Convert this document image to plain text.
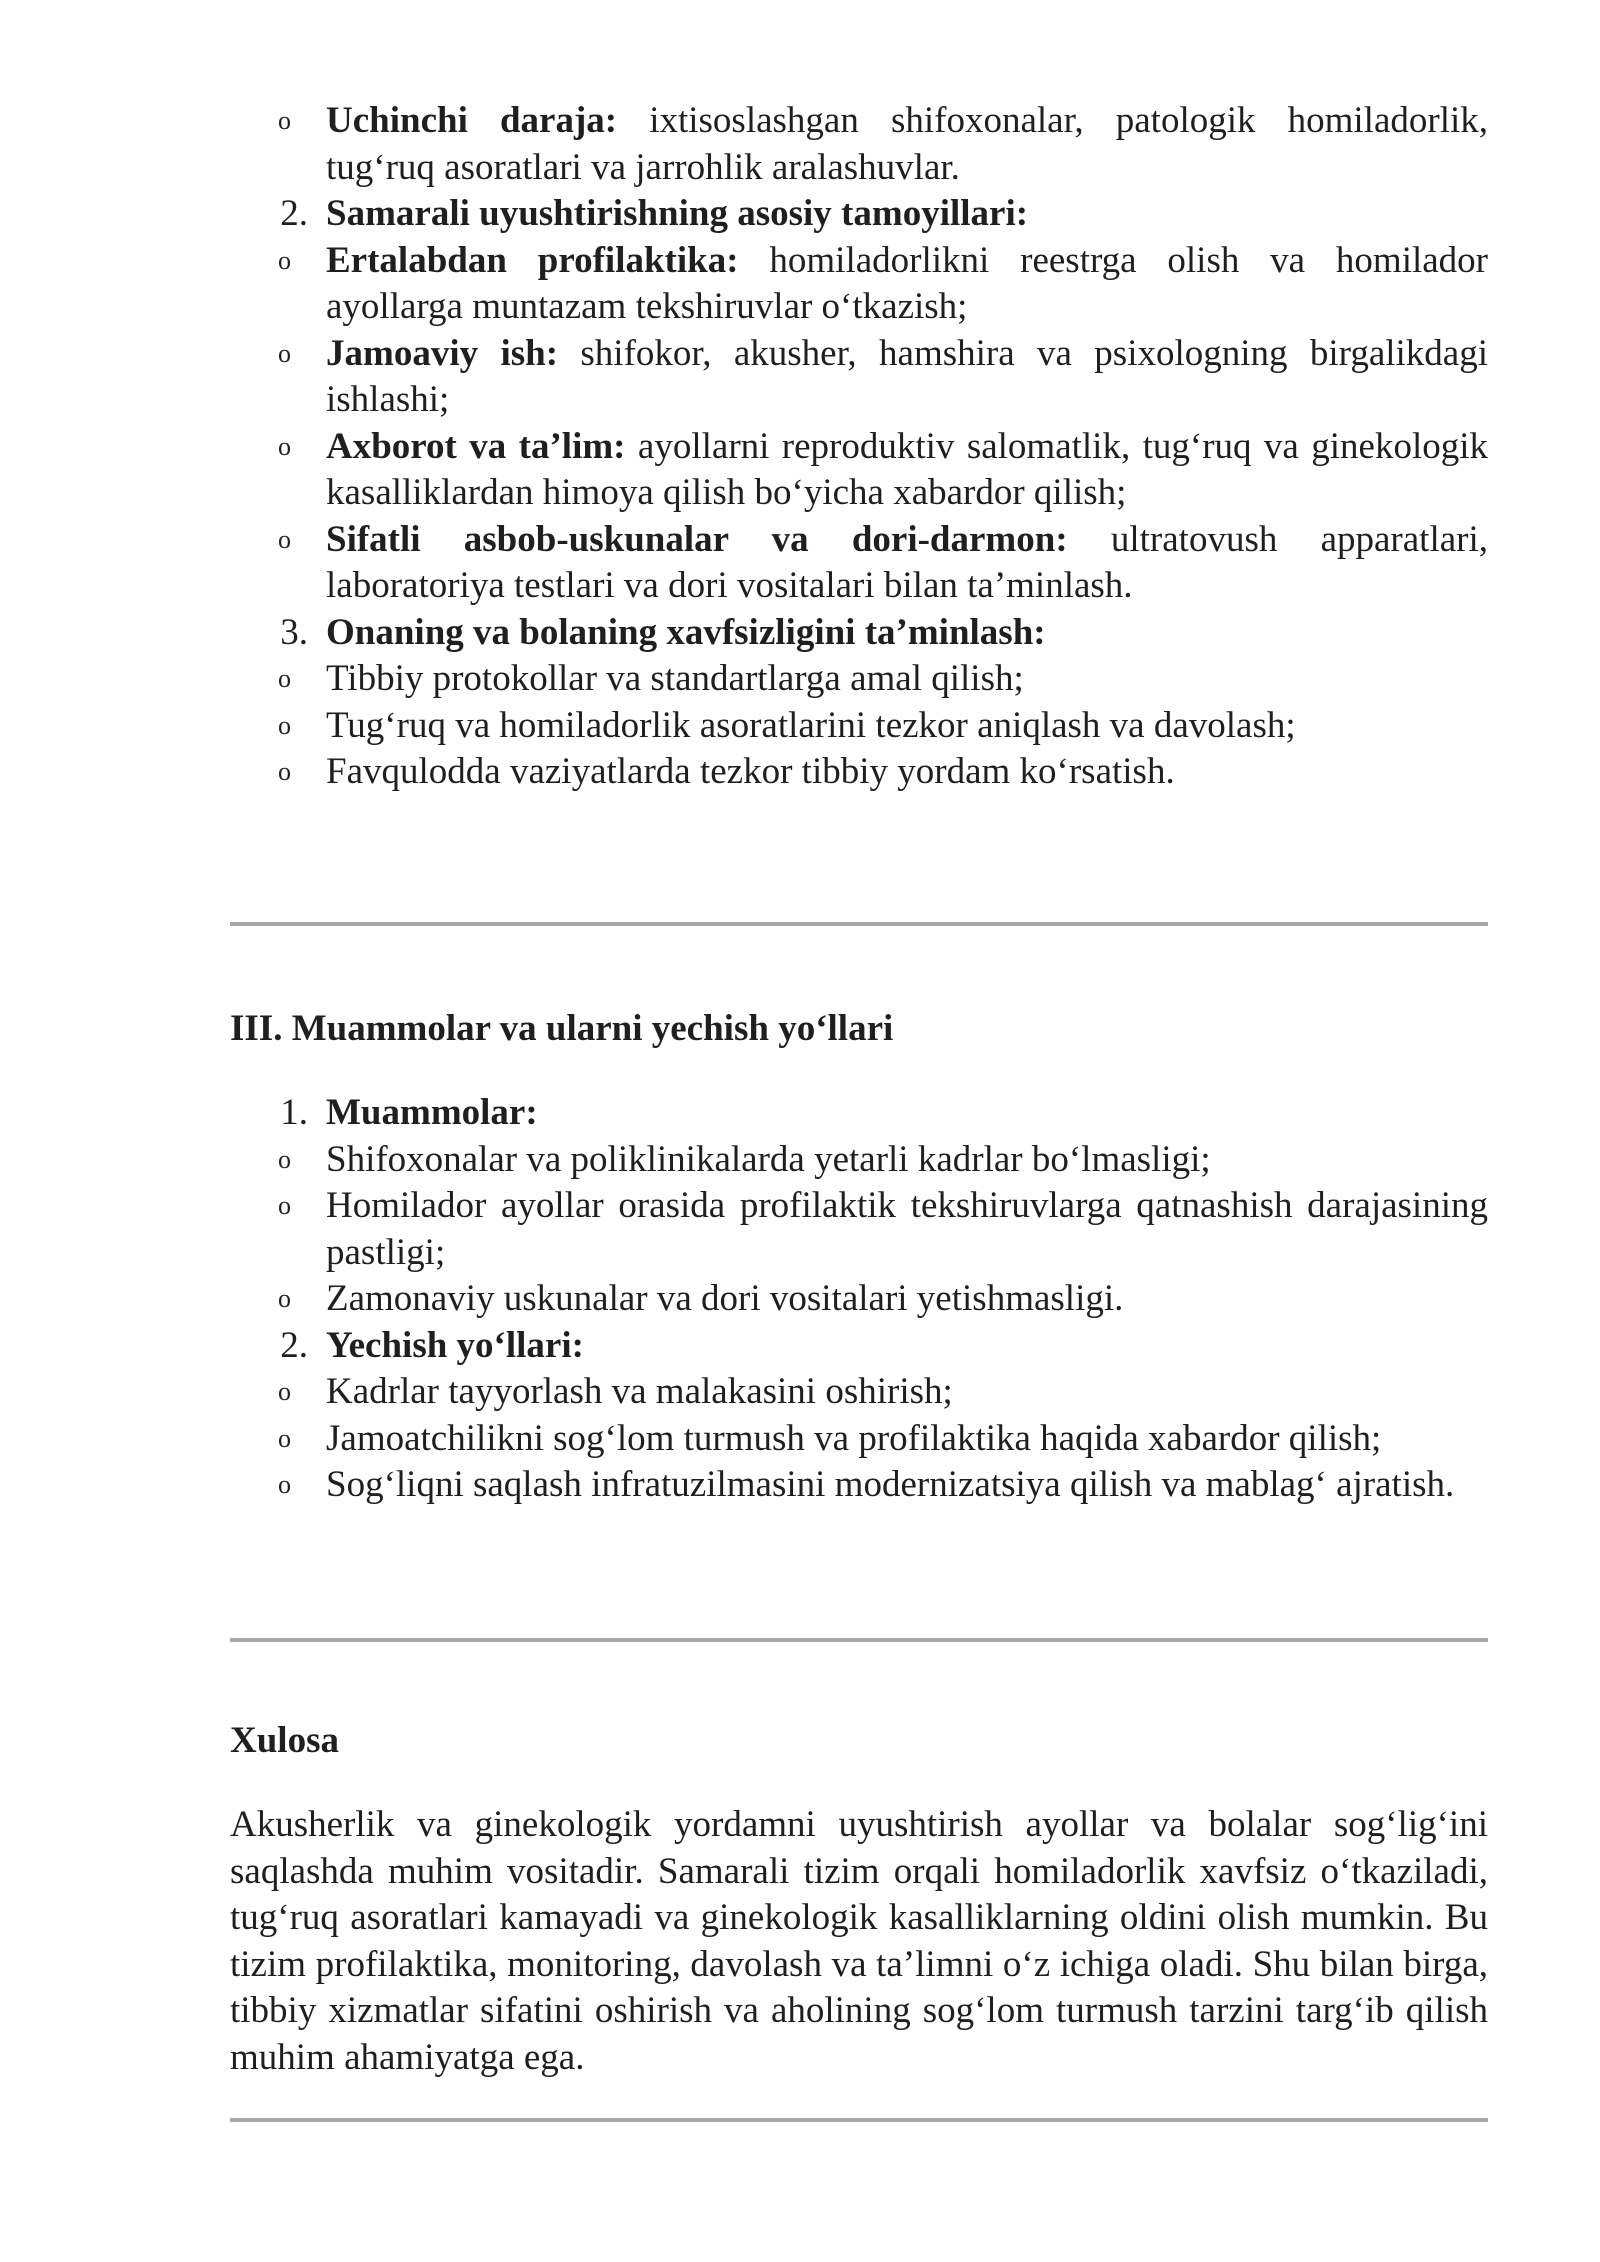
o Uchinchi daraja: ixtisoslashgan shifoxonalar, patologik homiladorlik, tug‘ruq asoratlari va jarrohlik aralashuvlar.
2. Samarali uyushtirishning asosiy tamoyillari:
o Ertalabdan profilaktika: homiladorlikni reestrga olish va homilador ayollarga muntazam tekshiruvlar o‘tkazish;
o Jamoaviy ish: shifokor, akusher, hamshira va psixologning birgalikdagi ishlashi;
o Axborot va ta’lim: ayollarni reproduktiv salomatlik, tug‘ruq va ginekologik kasalliklardan himoya qilish bo‘yicha xabardor qilish;
o Sifatli asbob-uskunalar va dori-darmon: ultratovush apparatlari, laboratoriya testlari va dori vositalari bilan ta’minlash.
3. Onaning va bolaning xavfsizligini ta’minlash:
o Tibbiy protokollar va standartlarga amal qilish;
o Tug‘ruq va homiladorlik asoratlarini tezkor aniqlash va davolash;
o Favqulodda vaziyatlarda tezkor tibbiy yordam ko‘rsatish.
III. Muammolar va ularni yechish yo‘llari
1. Muammolar:
o Shifoxonalar va poliklinikalarda yetarli kadrlar bo‘lmasligi;
o Homilador ayollar orasida profilaktik tekshiruvlarga qatnashish darajasining pastligi;
o Zamonaviy uskunalar va dori vositalari yetishmasligi.
2. Yechish yo‘llari:
o Kadrlar tayyorlash va malakasini oshirish;
o Jamoatchilikni sog‘lom turmush va profilaktika haqida xabardor qilish;
o Sog‘liqni saqlash infratuzilmasini modernizatsiya qilish va mablag‘ ajratish.
Xulosa

Akusherlik va ginekologik yordamni uyushtirish ayollar va bolalar sog‘lig‘ini saqlashda muhim vositadir. Samarali tizim orqali homiladorlik xavfsiz o‘tkaziladi, tug‘ruq asoratlari kamayadi va ginekologik kasalliklarning oldini olish mumkin. Bu tizim profilaktika, monitoring, davolash va ta’limni o‘z ichiga oladi. Shu bilan birga, tibbiy xizmatlar sifatini oshirish va aholining sog‘lom turmush tarzini targ‘ib qilish muhim ahamiyatga ega.
